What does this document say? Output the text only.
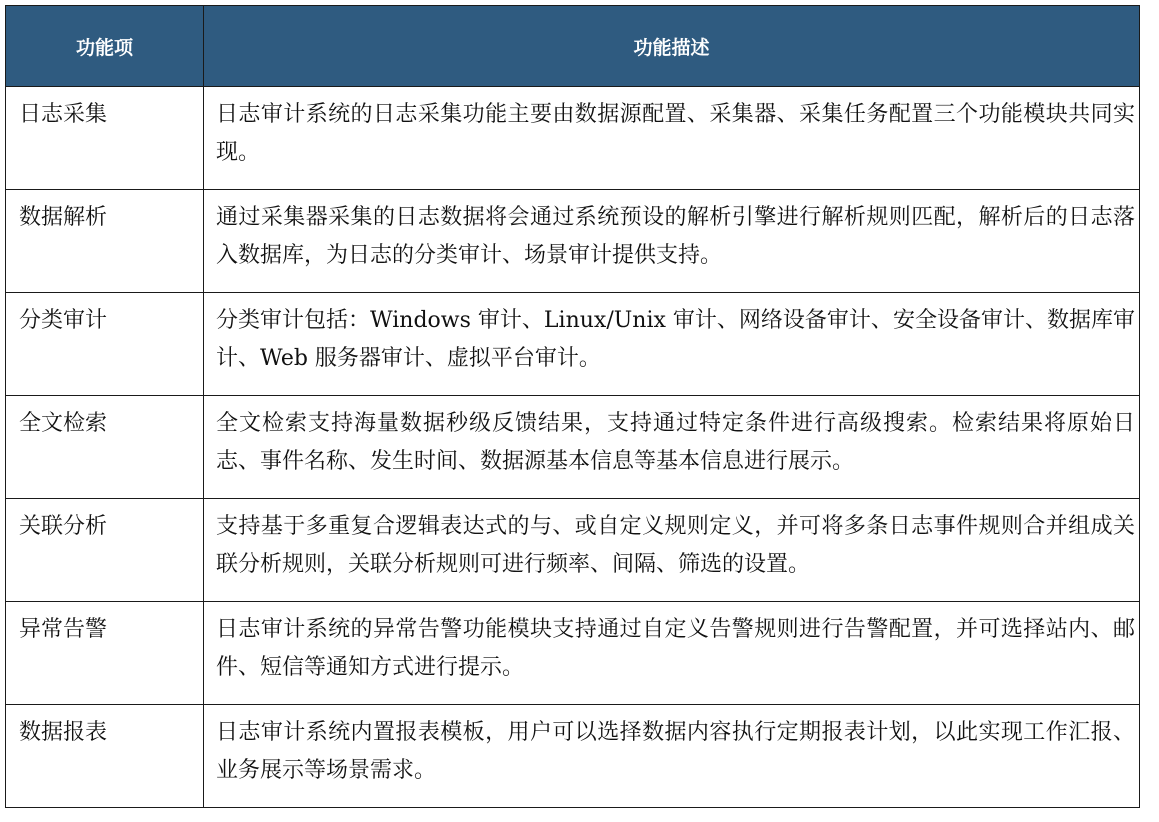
功能项	功能描述
日志采集	日志审计系统的日志采集功能主要由数据源配置、采集器、采集任务配置三个功能模块共同实现。
数据解析	通过采集器采集的日志数据将会通过系统预设的解析引擎进行解析规则匹配，解析后的日志落入数据库，为日志的分类审计、场景审计提供支持。
分类审计	分类审计包括：Windows 审计、Linux/Unix 审计、网络设备审计、安全设备审计、数据库审计、Web 服务器审计、虚拟平台审计。
全文检索	全文检索支持海量数据秒级反馈结果，支持通过特定条件进行高级搜索。检索结果将原始日志、事件名称、发生时间、数据源基本信息等基本信息进行展示。
关联分析	支持基于多重复合逻辑表达式的与、或自定义规则定义，并可将多条日志事件规则合并组成关联分析规则，关联分析规则可进行频率、间隔、筛选的设置。
异常告警	日志审计系统的异常告警功能模块支持通过自定义告警规则进行告警配置，并可选择站内、邮件、短信等通知方式进行提示。
数据报表	日志审计系统内置报表模板，用户可以选择数据内容执行定期报表计划，以此实现工作汇报、业务展示等场景需求。
